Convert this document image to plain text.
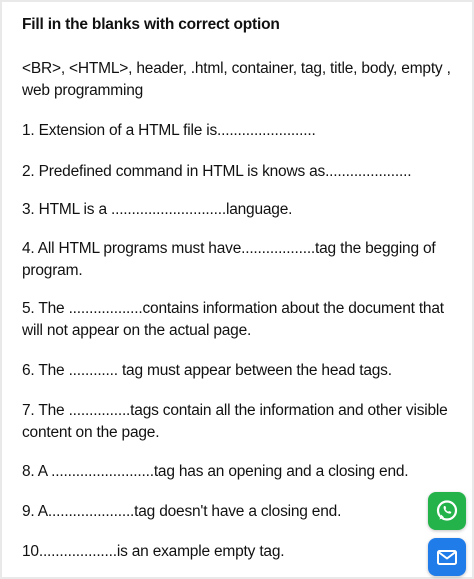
Fill in the blanks with correct option
<BR>, <HTML>, header, .html, container, tag, title, body, empty , web programming
1. Extension of a HTML file is........................
2. Predefined command in HTML is knows as.....................
3. HTML is a ............................language.
4. All HTML programs must have..................tag the begging of program.
5. The ..................contains information about the document that will not appear on the actual page.
6. The ............ tag must appear between the head tags.
7. The ...............tags contain all the information and other visible content on the page.
8. A .........................tag has an opening and a closing end.
9. A.....................tag doesn't have a closing end.
10...................is an example empty tag.
